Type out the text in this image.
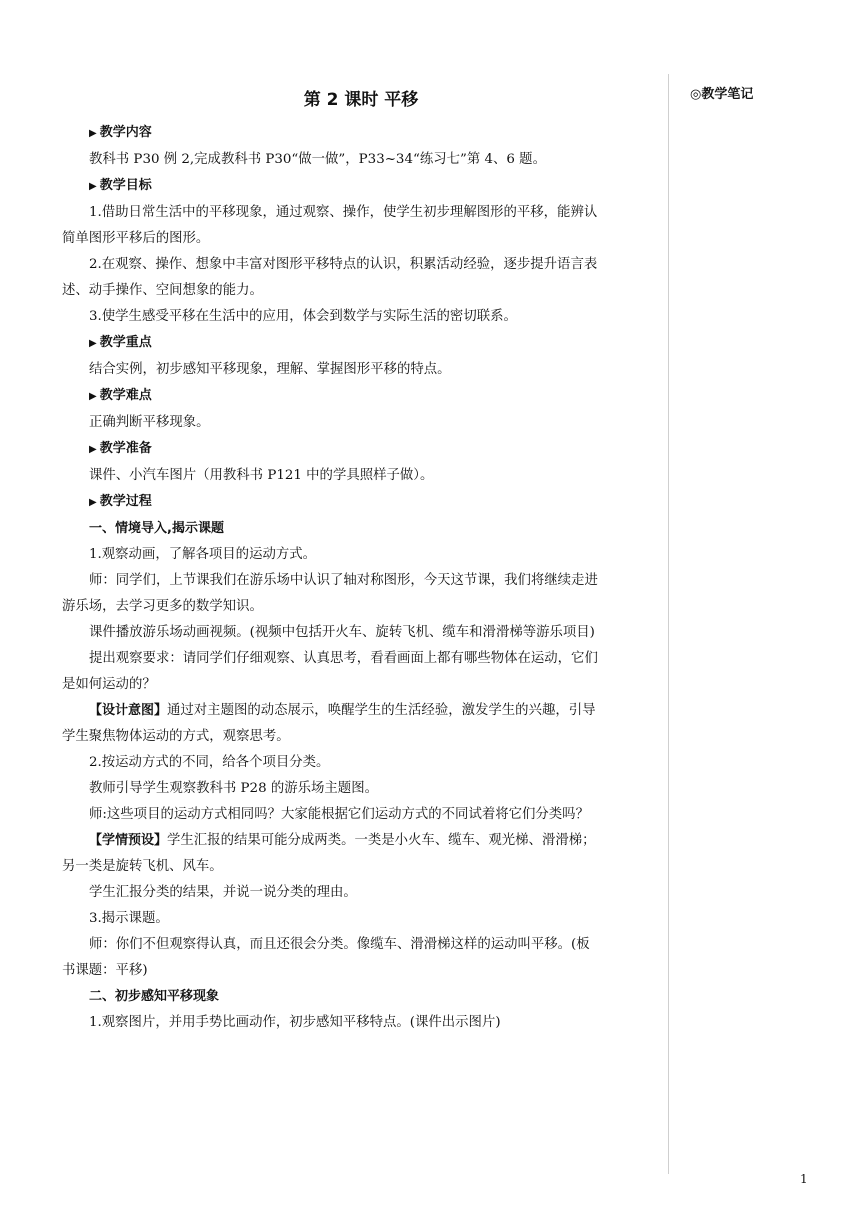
◎教学笔记
第 2 课时 平移
▶ 教学内容
教科书 P30 例 2,完成教科书 P30“做一做”，P33~34“练习七”第 4、6 题。
▶ 教学目标
1.借助日常生活中的平移现象，通过观察、操作，使学生初步理解图形的平移，能辨认
简单图形平移后的图形。
2.在观察、操作、想象中丰富对图形平移特点的认识，积累活动经验，逐步提升语言表
述、动手操作、空间想象的能力。
3.使学生感受平移在生活中的应用，体会到数学与实际生活的密切联系。
▶ 教学重点
结合实例，初步感知平移现象，理解、掌握图形平移的特点。
▶ 教学难点
正确判断平移现象。
▶ 教学准备
课件、小汽车图片（用教科书 P121 中的学具照样子做）。
▶ 教学过程
一、情境导入,揭示课题
1.观察动画，了解各项目的运动方式。
师：同学们，上节课我们在游乐场中认识了轴对称图形，今天这节课，我们将继续走进
游乐场，去学习更多的数学知识。
课件播放游乐场动画视频。(视频中包括开火车、旋转飞机、缆车和滑滑梯等游乐项目)
提出观察要求：请同学们仔细观察、认真思考，看看画面上都有哪些物体在运动，它们
是如何运动的？
【设计意图】通过对主题图的动态展示，唤醒学生的生活经验，激发学生的兴趣，引导
学生聚焦物体运动的方式，观察思考。
2.按运动方式的不同，给各个项目分类。
教师引导学生观察教科书 P28 的游乐场主题图。
师:这些项目的运动方式相同吗？大家能根据它们运动方式的不同试着将它们分类吗？
【学情预设】学生汇报的结果可能分成两类。一类是小火车、缆车、观光梯、滑滑梯；
另一类是旋转飞机、风车。
学生汇报分类的结果，并说一说分类的理由。
3.揭示课题。
师：你们不但观察得认真，而且还很会分类。像缆车、滑滑梯这样的运动叫平移。(板
书课题：平移)
二、初步感知平移现象
1.观察图片，并用手势比画动作，初步感知平移特点。(课件出示图片)
1
